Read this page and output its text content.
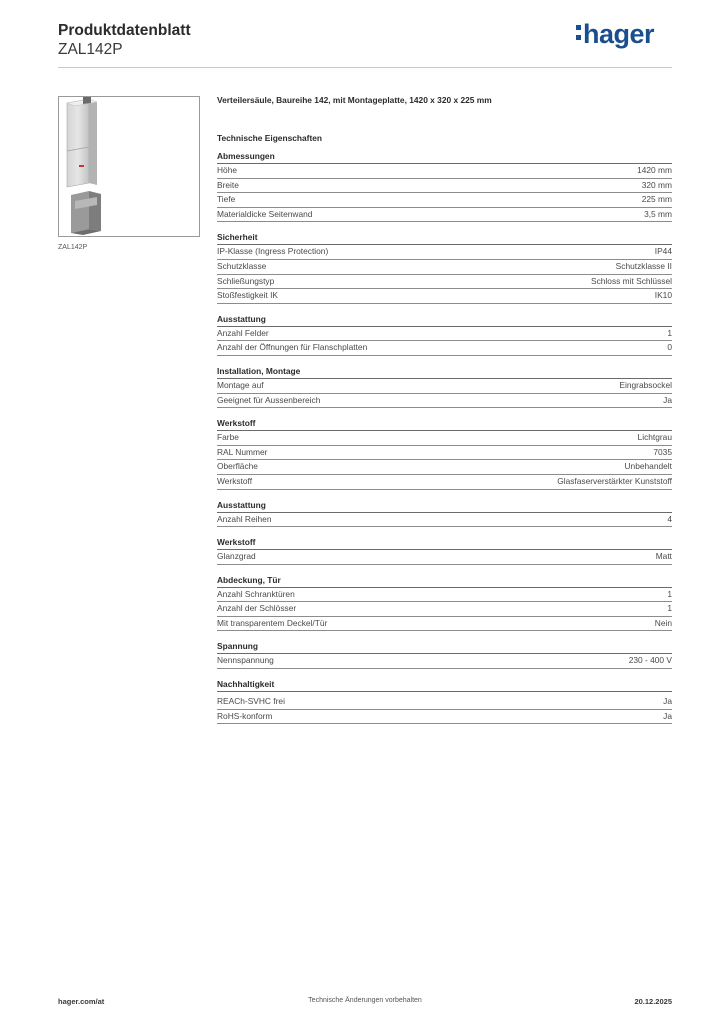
Produktdatenblatt
ZAL142P
hager
ZAL142P
Verteilersäule, Baureihe 142, mit Montageplatte, 1420 x 320 x 225 mm
Technische Eigenschaften
Abmessungen
Höhe	1420 mm
Breite	320 mm
Tiefe	225 mm
Materialdicke Seitenwand	3,5 mm
Sicherheit
IP-Klasse (Ingress Protection)	IP44
Schutzklasse	Schutzklasse II
Schließungstyp	Schloss mit Schlüssel
Stoßfestigkeit IK	IK10
Ausstattung
Anzahl Felder	1
Anzahl der Öffnungen für Flanschplatten	0
Installation, Montage
Montage auf	Eingrabsockel
Geeignet für Aussenbereich	Ja
Werkstoff
Farbe	Lichtgrau
RAL Nummer	7035
Oberfläche	Unbehandelt
Werkstoff	Glasfaserverstärkter Kunststoff
Ausstattung
Anzahl Reihen	4
Werkstoff
Glanzgrad	Matt
Abdeckung, Tür
Anzahl Schranktüren	1
Anzahl der Schlösser	1
Mit transparentem Deckel/Tür	Nein
Spannung
Nennspannung	230 - 400 V
Nachhaltigkeit
REACh-SVHC frei	Ja
RoHS-konform	Ja
hager.com/at	Technische Änderungen vorbehalten	20.12.2025
